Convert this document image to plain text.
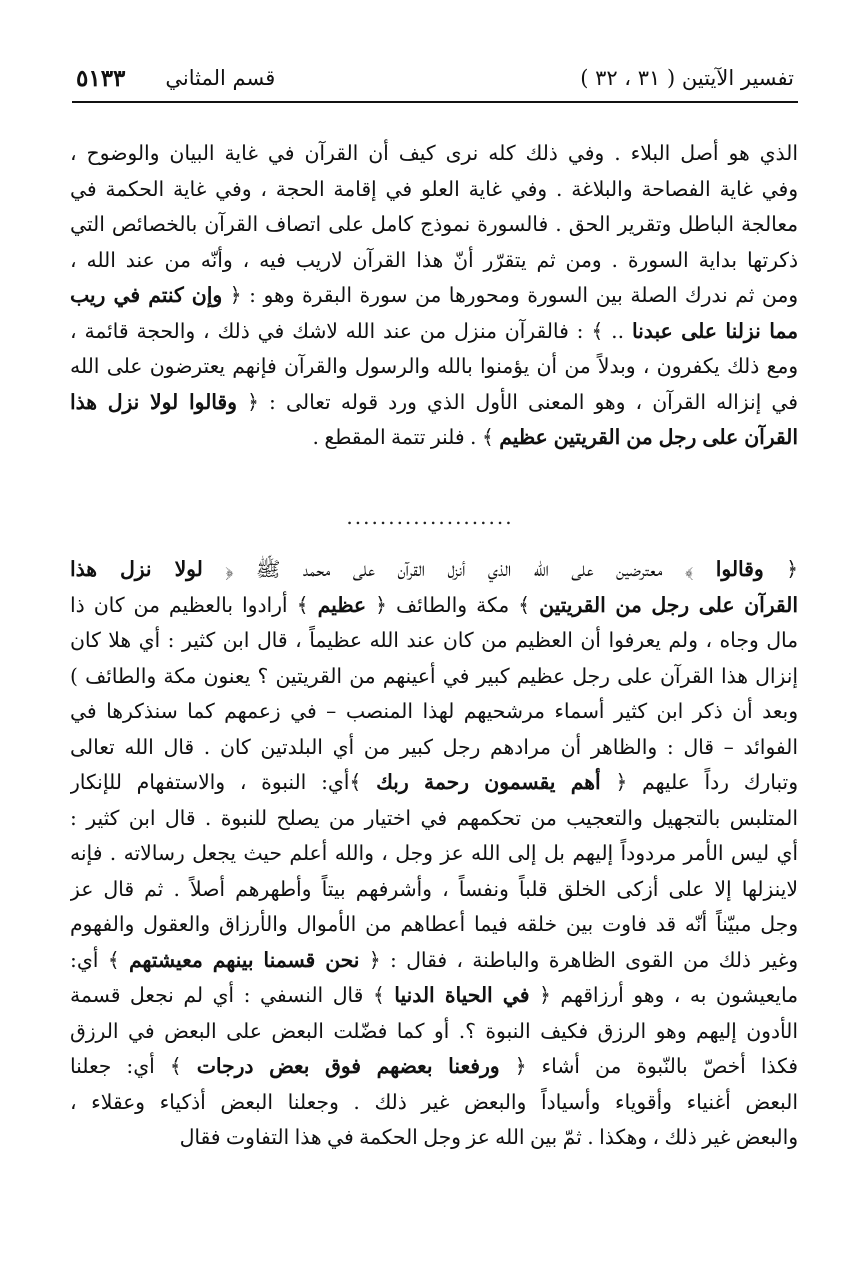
تفسير الآيتين ( ٣١ ، ٣٢ )
قسم المثاني
٥١٣٣
الذي هو أصل البلاء . وفي ذلك كله نرى كيف أن القرآن في غاية البيان والوضوح ،
وفي غاية الفصاحة والبلاغة . وفي غاية العلو في إقامة الحجة ، وفي غاية الحكمة في
معالجة الباطل وتقرير الحق . فالسورة نموذج كامل على اتصاف القرآن بالخصائص التي
ذكرتها بداية السورة . ومن ثم يتقرّر أنّ هذا القرآن لاريب فيه ، وأنّه من عند الله ،
ومن ثم ندرك الصلة بين السورة ومحورها من سورة البقرة وهو : ﴿ وإن كنتم في ريب
مما نزلنا على عبدنا .. ﴾ : فالقرآن منزل من عند الله لاشك في ذلك ، والحجة قائمة ،
ومع ذلك يكفرون ، وبدلاً من أن يؤمنوا بالله والرسول والقرآن فإنهم يعترضون على الله
في إنزاله القرآن ، وهو المعنى الأول الذي ورد قوله تعالى : ﴿ وقالوا لولا نزل هذا
القرآن على رجل من القريتين عظيم ﴾ . فلنر تتمة المقطع .
....................
﴿ وقالوا ﴾ معترضين على الله الذي أنزل القرآن على محمد ﷺ ﴿ لولا نزل هذا
القرآن على رجل من القريتين ﴾ مكة والطائف ﴿ عظيم ﴾ أرادوا بالعظيم من كان ذا
مال وجاه ، ولم يعرفوا أن العظيم من كان عند الله عظيماً ، قال ابن كثير : أي هلا كان
إنزال هذا القرآن على رجل عظيم كبير في أعينهم من القريتين ؟ يعنون مكة والطائف )
وبعد أن ذكر ابن كثير أسماء مرشحيهم لهذا المنصب – في زعمهم كما سنذكرها في
الفوائد – قال : والظاهر أن مرادهم رجل كبير من أي البلدتين كان . قال الله تعالى
وتبارك رداً عليهم ﴿ أهم يقسمون رحمة ربك ﴾أي: النبوة ، والاستفهام للإنكار
المتلبس بالتجهيل والتعجيب من تحكمهم في اختيار من يصلح للنبوة . قال ابن كثير :
أي ليس الأمر مردوداً إليهم بل إلى الله عز وجل ، والله أعلم حيث يجعل رسالاته . فإنه
لاينزلها إلا على أزكى الخلق قلباً ونفساً ، وأشرفهم بيتاً وأطهرهم أصلاً . ثم قال عز
وجل مبيّناً أنّه قد فاوت بين خلقه فيما أعطاهم من الأموال والأرزاق والعقول والفهوم
وغير ذلك من القوى الظاهرة والباطنة ، فقال : ﴿ نحن قسمنا بينهم معيشتهم ﴾ أي:
مايعيشون به ، وهو أرزاقهم ﴿ في الحياة الدنيا ﴾ قال النسفي : أي لم نجعل قسمة
الأدون إليهم وهو الرزق فكيف النبوة ؟. أو كما فضّلت البعض على البعض في الرزق
فكذا أخصّ بالنّبوة من أشاء ﴿ ورفعنا بعضهم فوق بعض درجات ﴾ أي: جعلنا
البعض أغنياء وأقوياء وأسياداً والبعض غير ذلك . وجعلنا البعض أذكياء وعقلاء ،
والبعض غير ذلك ، وهكذا . ثمّ بين الله عز وجل الحكمة في هذا التفاوت فقال
